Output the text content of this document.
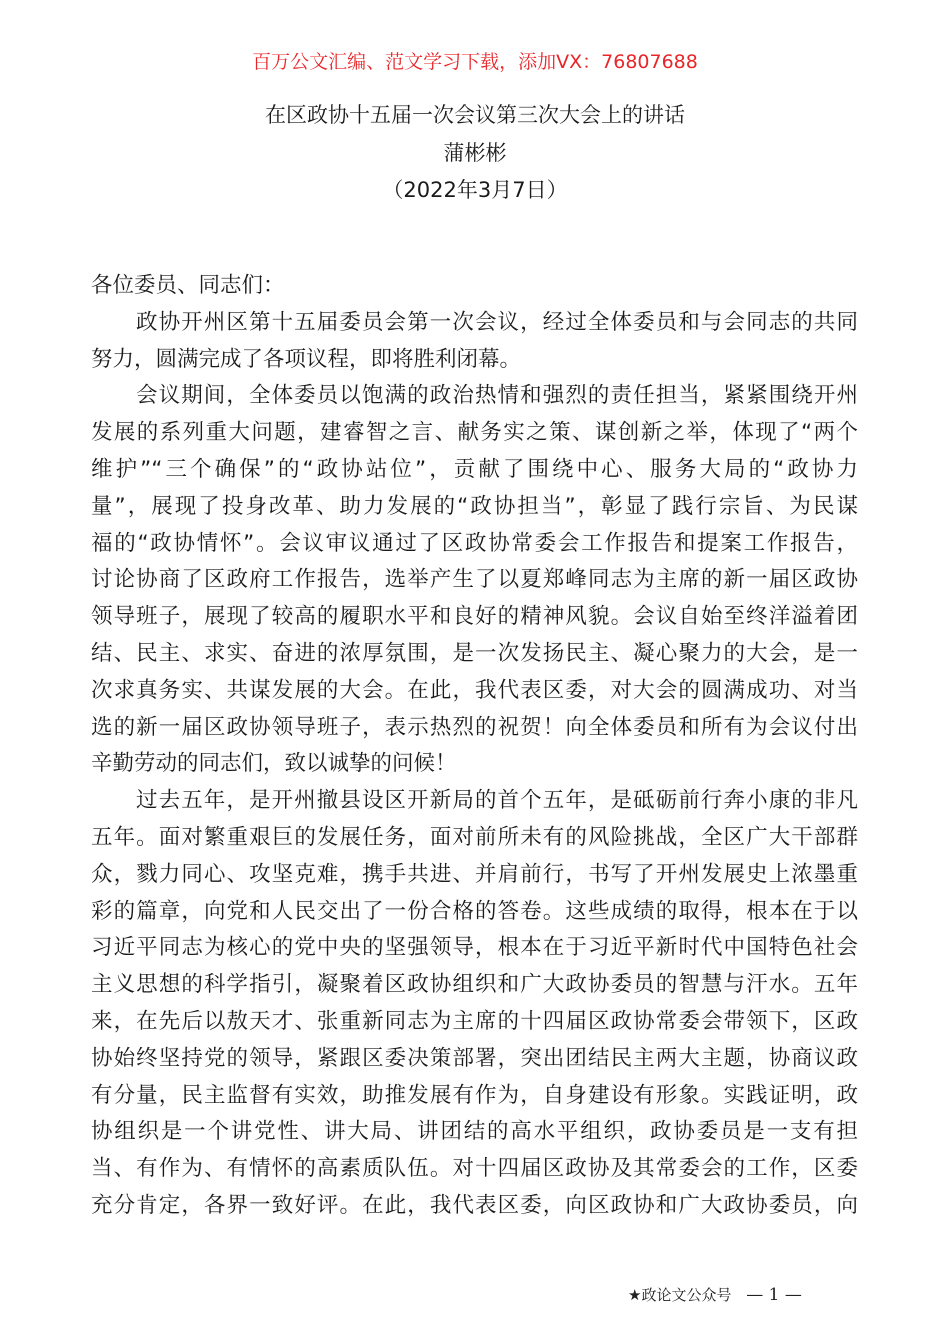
百万公文汇编、范文学习下载，添加VX：76807688
在区政协十五届一次会议第三次大会上的讲话
蒲彬彬
（2022年3月7日）
各位委员、同志们：
政协开州区第十五届委员会第一次会议，经过全体委员和与会同志的共同
努力，圆满完成了各项议程，即将胜利闭幕。
会议期间，全体委员以饱满的政治热情和强烈的责任担当，紧紧围绕开州
发展的系列重大问题，建睿智之言、献务实之策、谋创新之举，体现了“两个
维护”“三个确保”的“政协站位”，贡献了围绕中心、服务大局的“政协力
量”，展现了投身改革、助力发展的“政协担当”，彰显了践行宗旨、为民谋
福的“政协情怀”。会议审议通过了区政协常委会工作报告和提案工作报告，
讨论协商了区政府工作报告，选举产生了以夏郑峰同志为主席的新一届区政协
领导班子，展现了较高的履职水平和良好的精神风貌。会议自始至终洋溢着团
结、民主、求实、奋进的浓厚氛围，是一次发扬民主、凝心聚力的大会，是一
次求真务实、共谋发展的大会。在此，我代表区委，对大会的圆满成功、对当
选的新一届区政协领导班子，表示热烈的祝贺！向全体委员和所有为会议付出
辛勤劳动的同志们，致以诚挚的问候！
过去五年，是开州撤县设区开新局的首个五年，是砥砺前行奔小康的非凡
五年。面对繁重艰巨的发展任务，面对前所未有的风险挑战，全区广大干部群
众，戮力同心、攻坚克难，携手共进、并肩前行，书写了开州发展史上浓墨重
彩的篇章，向党和人民交出了一份合格的答卷。这些成绩的取得，根本在于以
习近平同志为核心的党中央的坚强领导，根本在于习近平新时代中国特色社会
主义思想的科学指引，凝聚着区政协组织和广大政协委员的智慧与汗水。五年
来，在先后以敖天才、张重新同志为主席的十四届区政协常委会带领下，区政
协始终坚持党的领导，紧跟区委决策部署，突出团结民主两大主题，协商议政
有分量，民主监督有实效，助推发展有作为，自身建设有形象。实践证明，政
协组织是一个讲党性、讲大局、讲团结的高水平组织，政协委员是一支有担
当、有作为、有情怀的高素质队伍。对十四届区政协及其常委会的工作，区委
充分肯定，各界一致好评。在此，我代表区委，向区政协和广大政协委员，向
★政论文公众号 — 1 —
